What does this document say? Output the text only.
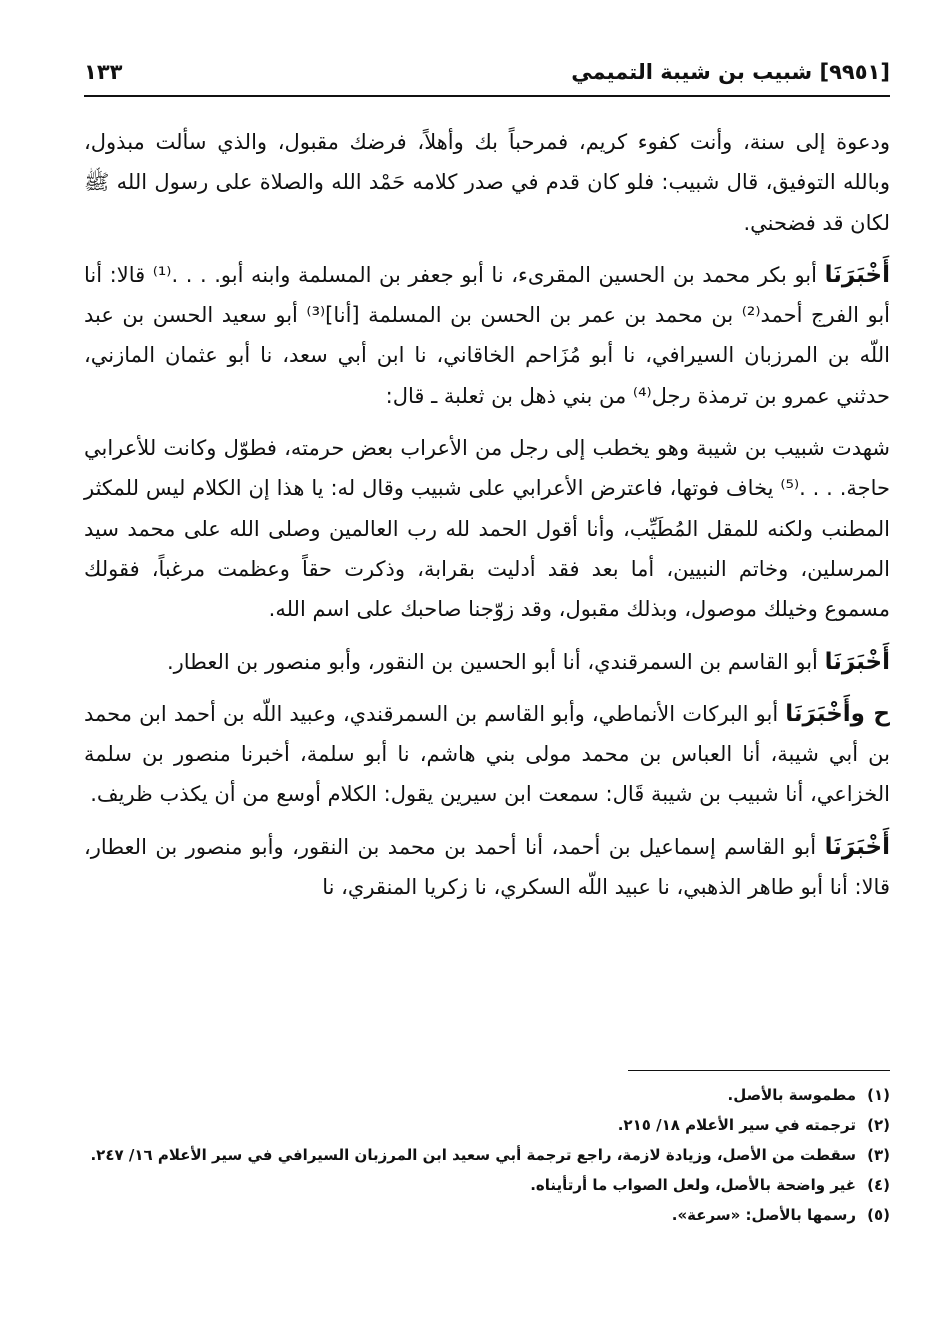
[٩٩٥١] شبيب بن شيبة التميمي
١٣٣

ودعوة إلى سنة، وأنت كفوء كريم، فمرحباً بك وأهلاً، فرضك مقبول، والذي سألت مبذول، وبالله التوفيق، قال شبيب: فلو كان قدم في صدر كلامه حَمْد الله والصلاة على رسول الله ﷺ لكان قد فضحني.

أَخْبَرَنَا أبو بكر محمد بن الحسين المقرىء، نا أبو جعفر بن المسلمة وابنه أبو. . . .⁽¹⁾ قالا: أنا أبو الفرج أحمد⁽²⁾ بن محمد بن عمر بن الحسن بن المسلمة [أنا]⁽³⁾ أبو سعيد الحسن بن عبد اللّه بن المرزبان السيرافي، نا أبو مُزَاحم الخاقاني، نا ابن أبي سعد، نا أبو عثمان المازني، حدثني عمرو بن ترمذة رجل⁽⁴⁾ من بني ذهل بن ثعلبة ـ قال:

شهدت شبيب بن شيبة وهو يخطب إلى رجل من الأعراب بعض حرمته، فطوّل وكانت للأعرابي حاجة. . . .⁽⁵⁾ يخاف فوتها، فاعترض الأعرابي على شبيب وقال له: يا هذا إن الكلام ليس للمكثر المطنب ولكنه للمقل المُطَيِّب، وأنا أقول الحمد لله رب العالمين وصلى الله على محمد سيد المرسلين، وخاتم النبيين، أما بعد فقد أدليت بقرابة، وذكرت حقاً وعظمت مرغباً، فقولك مسموع وخيلك موصول، وبذلك مقبول، وقد زوّجنا صاحبك على اسم الله.

أَخْبَرَنَا أبو القاسم بن السمرقندي، أنا أبو الحسين بن النقور، وأبو منصور بن العطار.

ح وأَخْبَرَنَا أبو البركات الأنماطي، وأبو القاسم بن السمرقندي، وعبيد اللّه بن أحمد ابن محمد بن أبي شيبة، أنا العباس بن محمد مولى بني هاشم، نا أبو سلمة، أخبرنا منصور بن سلمة الخزاعي، أنا شبيب بن شيبة قَال: سمعت ابن سيرين يقول: الكلام أوسع من أن يكذب ظريف.

أَخْبَرَنَا أبو القاسم إسماعيل بن أحمد، أنا أحمد بن محمد بن النقور، وأبو منصور بن العطار، قالا: أنا أبو طاهر الذهبي، نا عبيد اللّه السكري، نا زكريا المنقري، نا

(١)مطموسة بالأصل.
(٢)ترجمته في سير الأعلام ١٨/ ٢١٥.
(٣)سقطت من الأصل، وزيادة لازمة، راجع ترجمة أبي سعيد ابن المرزبان السيرافي في سير الأعلام ١٦/ ٢٤٧.
(٤)غير واضحة بالأصل، ولعل الصواب ما أرتأيناه.
(٥)رسمها بالأصل: «سرعة».
